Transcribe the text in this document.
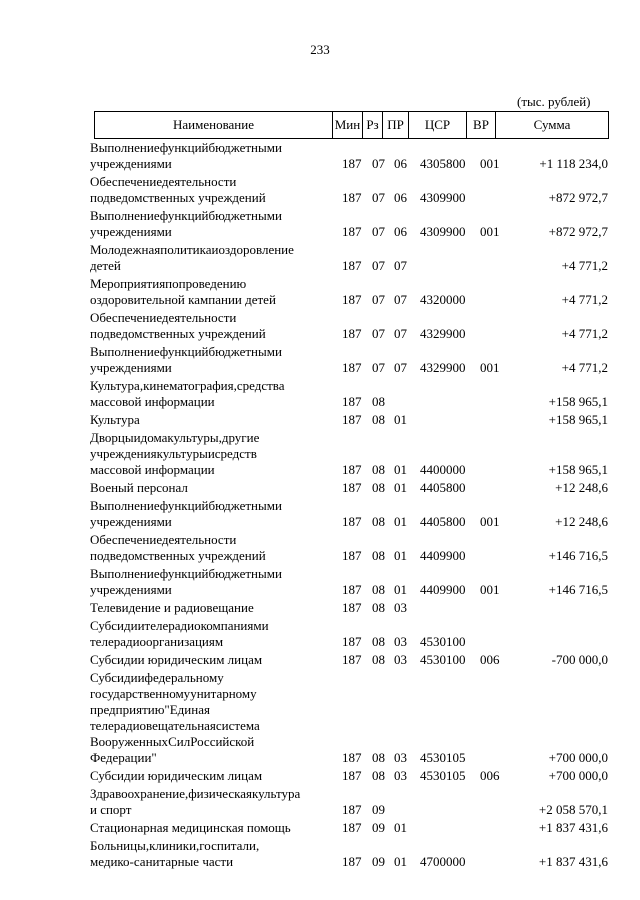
233
(тыс. рублей)
Наименование	Мин Рз ПР	ЦСР	ВР	Сумма
Выполнениефункцийбюджетными
учреждениями	187 07 06	4305800	001	+1 118 234,0
Обеспечениедеятельности
подведомственных учреждений	187 07 06	4309900	+872 972,7
Выполнениефункцийбюджетными
учреждениями	187 07 06	4309900	001	+872 972,7
Молодежнаяполитикаиоздоровление
детей	187 07 07	+4 771,2
Мероприятияпопроведению
оздоровительной кампании детей	187 07 07	4320000	+4 771,2
Обеспечениедеятельности
подведомственных учреждений	187 07 07	4329900	+4 771,2
Выполнениефункцийбюджетными
учреждениями	187 07 07	4329900	001	+4 771,2
Культура,кинематография,средства
массовой информации	187 08	+158 965,1
Культура	187 08 01	+158 965,1
Дворцыидомакультуры,другие
учреждениякультурыисредств
массовой информации	187 08 01	4400000	+158 965,1
Военый персонал	187 08 01	4405800	+12 248,6
Выполнениефункцийбюджетными
учреждениями	187 08 01	4405800	001	+12 248,6
Обеспечениедеятельности
подведомственных учреждений	187 08 01	4409900	+146 716,5
Выполнениефункцийбюджетными
учреждениями	187 08 01	4409900	001	+146 716,5
Телевидение и радиовещание	187 08 03
Субсидиителерадиокомпаниями
телерадиоорганизациям	187 08 03	4530100
Субсидии юридическим лицам	187 08 03	4530100	006	-700 000,0
Субсидиифедеральному
государственномуунитарному
предприятию"Единая
телерадиовещательнаясистема
ВооруженныхСилРоссийской
Федерации"	187 08 03	4530105	+700 000,0
Субсидии юридическим лицам	187 08 03	4530105	006	+700 000,0
Здравоохранение,физическаякультура
и спорт	187 09	+2 058 570,1
Стационарная медицинская помощь	187 09 01	+1 837 431,6
Больницы,клиники,госпитали,
медико-санитарные части	187 09 01	4700000	+1 837 431,6
